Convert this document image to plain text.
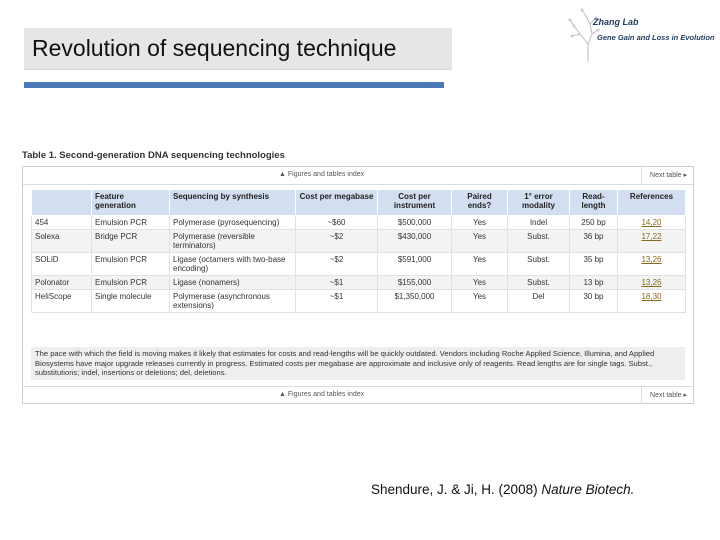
Revolution of sequencing technique
Zhang Lab
Gene Gain and Loss in Evolution
Table 1. Second-generation DNA sequencing technologies
▲ Figures and tables index	Next table ▸
	Feature generation	Sequencing by synthesis	Cost per megabase	Cost per instrument	Paired ends?	1° error modality	Read-length	References
454	Emulsion PCR	Polymerase (pyrosequencing)	~$60	$500,000	Yes	Indel	250 bp	14,20
Solexa	Bridge PCR	Polymerase (reversible terminators)	~$2	$430,000	Yes	Subst.	36 bp	17,22
SOLiD	Emulsion PCR	Ligase (octamers with two-base encoding)	~$2	$591,000	Yes	Subst.	35 bp	13,26
Polonator	Emulsion PCR	Ligase (nonamers)	~$1	$155,000	Yes	Subst.	13 bp	13,26
HeliScope	Single molecule	Polymerase (asynchronous extensions)	~$1	$1,350,000	Yes	Del	30 bp	18,30
The pace with which the field is moving makes it likely that estimates for costs and read-lengths will be quickly outdated. Vendors including Roche Applied Science, Illumina, and Applied Biosystems have major upgrade releases currently in progress. Estimated costs per megabase are approximate and inclusive only of reagents. Read lengths are for single tags. Subst., substitutions; indel, insertions or deletions; del, deletions.
▲ Figures and tables index	Next table ▸
Shendure, J. & Ji, H. (2008) Nature Biotech.
